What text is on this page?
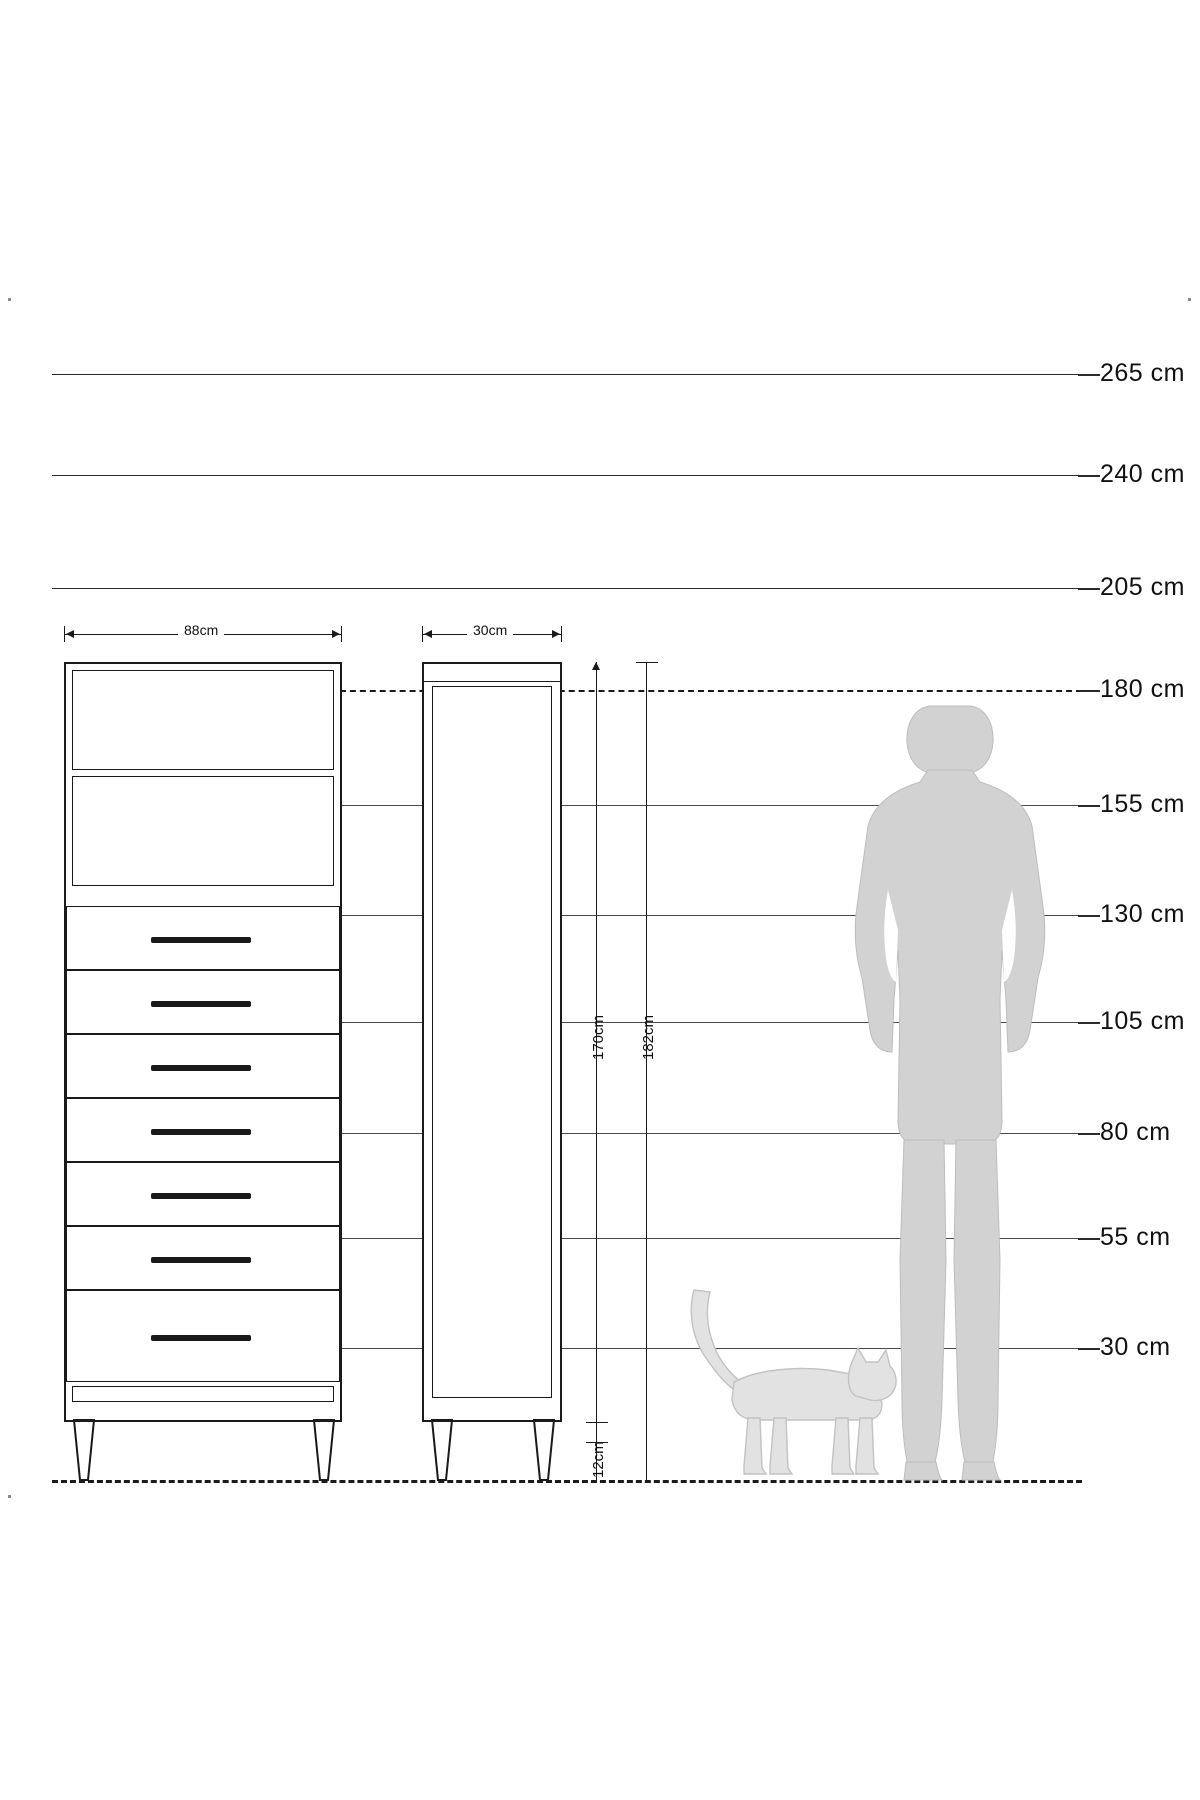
265 cm
240 cm
205 cm
180 cm
155 cm
130 cm
105 cm
80 cm
55 cm
30 cm
88cm	30cm
170cm 182cm
12cm
